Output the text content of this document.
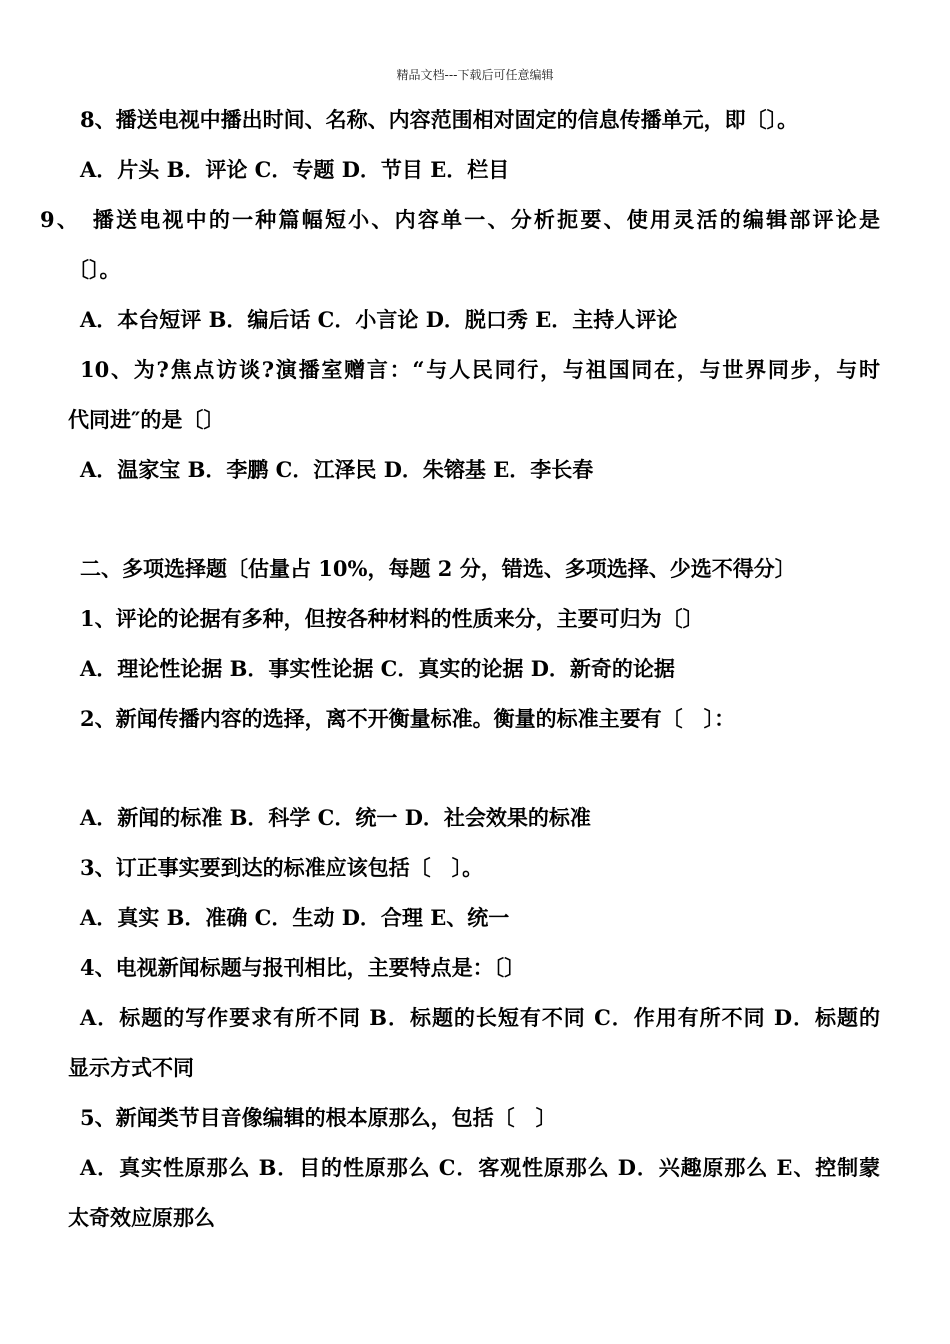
精品文档---下载后可任意编辑
8、播送电视中播出时间、名称、内容范围相对固定的信息传播单元，即〔〕。
A．片头 B．评论 C．专题 D．节目 E．栏目
9、　播送电视中的一种篇幅短小、内容单一、分析扼要、使用灵活的编辑部评论是
〔〕。
A．本台短评 B．编后话 C．小言论 D．脱口秀 E．主持人评论
10、为?焦点访谈?演播室赠言：“与人民同行，与祖国同在，与世界同步，与时
代同进″的是〔〕
A．温家宝 B．李鹏 C．江泽民 D．朱镕基 E．李长春
二、多项选择题〔估量占 10%，每题 2 分，错选、多项选择、少选不得分〕
1、评论的论据有多种，但按各种材料的性质来分，主要可归为〔〕
A．理论性论据 B．事实性论据 C．真实的论据 D．新奇的论据
2、新闻传播内容的选择，离不开衡量标准。衡量的标准主要有〔　〕：
A．新闻的标准 B．科学 C．统一 D．社会效果的标准
3、订正事实要到达的标准应该包括〔　〕。
A．真实 B．准确 C．生动 D．合理 E、统一
4、电视新闻标题与报刊相比，主要特点是：〔〕
A．标题的写作要求有所不同 B．标题的长短有不同 C．作用有所不同 D．标题的
显示方式不同
5、新闻类节目音像编辑的根本原那么，包括〔　〕
A．真实性原那么 B．目的性原那么 C．客观性原那么 D．兴趣原那么 E、控制蒙
太奇效应原那么
